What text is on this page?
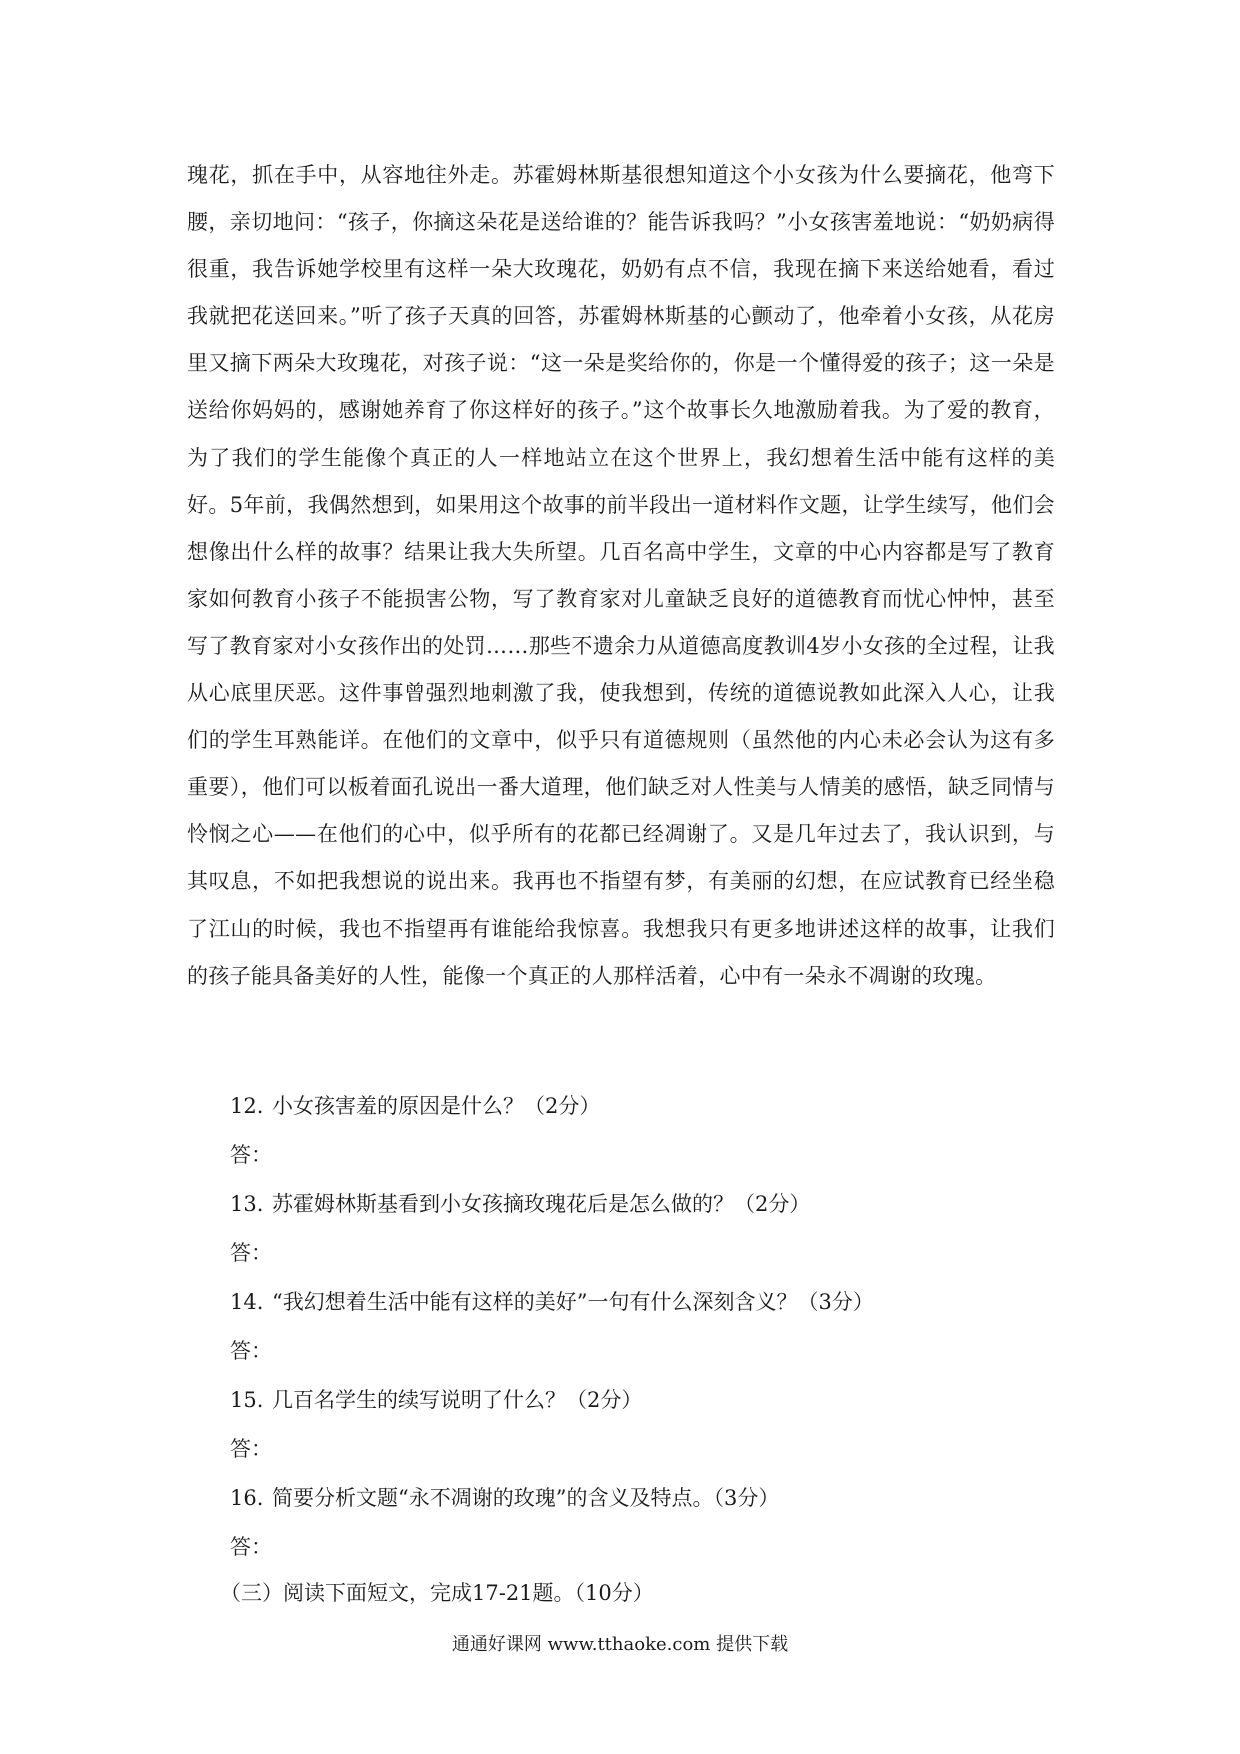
瑰花，抓在手中，从容地往外走。苏霍姆林斯基很想知道这个小女孩为什么要摘花，他弯下腰，亲切地问：“孩子，你摘这朵花是送给谁的？能告诉我吗？”小女孩害羞地说：“奶奶病得很重，我告诉她学校里有这样一朵大玫瑰花，奶奶有点不信，我现在摘下来送给她看，看过我就把花送回来。”听了孩子天真的回答，苏霍姆林斯基的心颤动了，他牵着小女孩，从花房里又摘下两朵大玫瑰花，对孩子说：“这一朵是奖给你的，你是一个懂得爱的孩子；这一朵是送给你妈妈的，感谢她养育了你这样好的孩子。”这个故事长久地激励着我。为了爱的教育，为了我们的学生能像个真正的人一样地站立在这个世界上，我幻想着生活中能有这样的美好。5年前，我偶然想到，如果用这个故事的前半段出一道材料作文题，让学生续写，他们会想像出什么样的故事？结果让我大失所望。几百名高中学生，文章的中心内容都是写了教育家如何教育小孩子不能损害公物，写了教育家对儿童缺乏良好的道德教育而忧心忡忡，甚至写了教育家对小女孩作出的处罚……那些不遗余力从道德高度教训4岁小女孩的全过程，让我从心底里厌恶。这件事曾强烈地刺激了我，使我想到，传统的道德说教如此深入人心，让我们的学生耳熟能详。在他们的文章中，似乎只有道德规则（虽然他的内心未必会认为这有多重要），他们可以板着面孔说出一番大道理，他们缺乏对人性美与人情美的感悟，缺乏同情与怜悯之心——在他们的心中，似乎所有的花都已经凋谢了。又是几年过去了，我认识到，与其叹息，不如把我想说的说出来。我再也不指望有梦，有美丽的幻想，在应试教育已经坐稳了江山的时候，我也不指望再有谁能给我惊喜。我想我只有更多地讲述这样的故事，让我们的孩子能具备美好的人性，能像一个真正的人那样活着，心中有一朵永不凋谢的玫瑰。

12. 小女孩害羞的原因是什么？（2分）
答：
13. 苏霍姆林斯基看到小女孩摘玫瑰花后是怎么做的？（2分）
答：
14. “我幻想着生活中能有这样的美好”一句有什么深刻含义？（3分）
答：
15. 几百名学生的续写说明了什么？（2分）
答：
16. 简要分析文题“永不凋谢的玫瑰”的含义及特点。（3分）
答：
（三）阅读下面短文，完成17-21题。（10分）
通通好课网 www.tthaoke.com 提供下载
